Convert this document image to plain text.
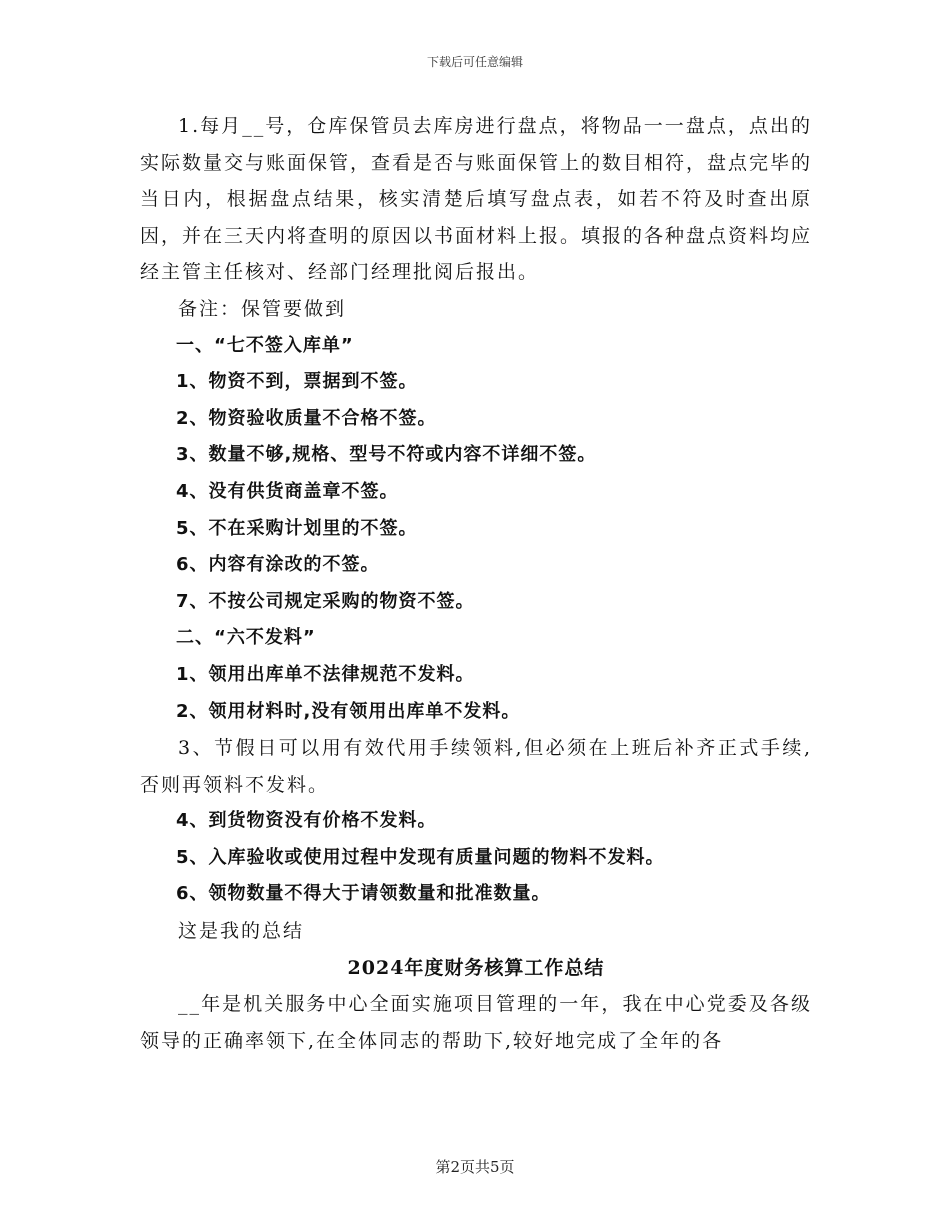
下载后可任意编辑

1.每月__号，仓库保管员去库房进行盘点，将物品一一盘点，点出的实际数量交与账面保管，查看是否与账面保管上的数目相符，盘点完毕的当日内，根据盘点结果，核实清楚后填写盘点表，如若不符及时查出原因，并在三天内将查明的原因以书面材料上报。填报的各种盘点资料均应经主管主任核对、经部门经理批阅后报出。

备注：保管要做到

一、“七不签入库单”

1、物资不到，票据到不签。

2、物资验收质量不合格不签。

3、数量不够,规格、型号不符或内容不详细不签。

4、没有供货商盖章不签。

5、不在采购计划里的不签。

6、内容有涂改的不签。

7、不按公司规定采购的物资不签。

二、“六不发料”

1、领用出库单不法律规范不发料。

2、领用材料时,没有领用出库单不发料。

3、节假日可以用有效代用手续领料,但必须在上班后补齐正式手续,否则再领料不发料。

4、到货物资没有价格不发料。

5、入库验收或使用过程中发现有质量问题的物料不发料。

6、领物数量不得大于请领数量和批准数量。

这是我的总结

2024年度财务核算工作总结

__年是机关服务中心全面实施项目管理的一年，我在中心党委及各级领导的正确率领下,在全体同志的帮助下,较好地完成了全年的各

第2页共5页
